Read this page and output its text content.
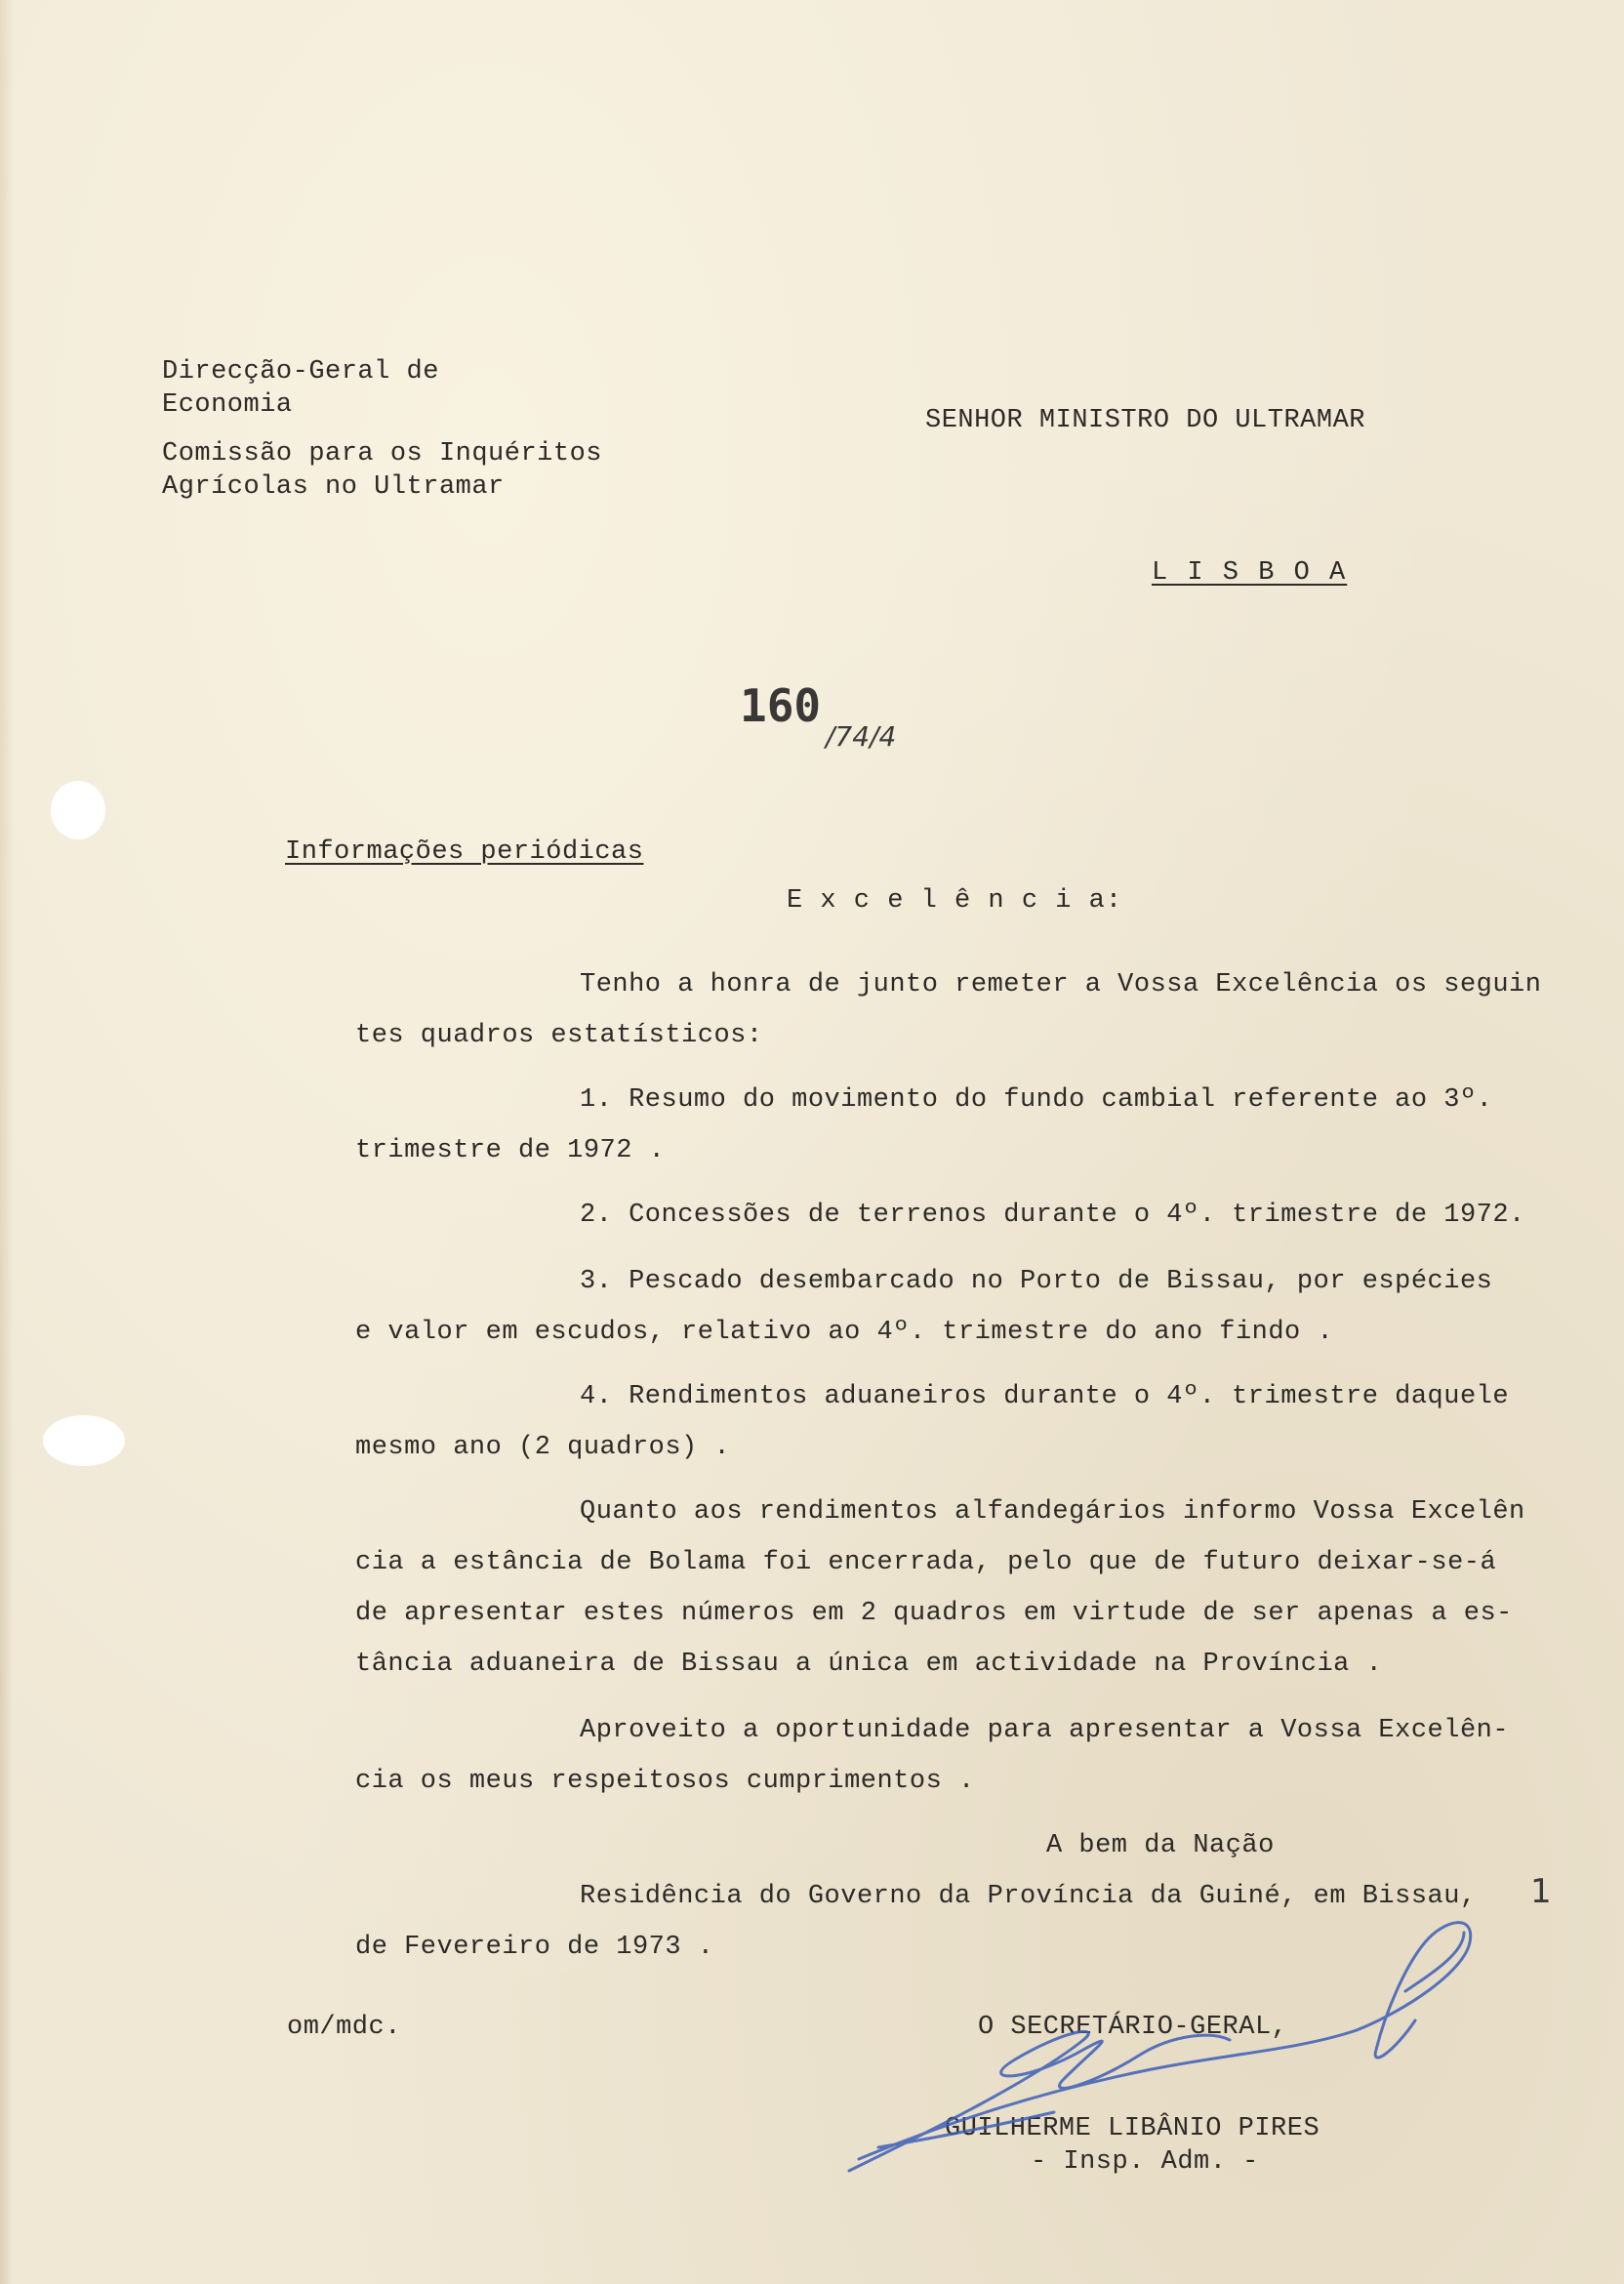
Direcção-Geral de
Economia
Comissão para os Inquéritos
Agrícolas no Ultramar
SENHOR MINISTRO DO ULTRAMAR
L I S B O A
160
/74/4
Informações periódicas
E x c e l ê n c i a:
Tenho a honra de junto remeter a Vossa Excelência os seguin
tes quadros estatísticos:
1. Resumo do movimento do fundo cambial referente ao 3º.
trimestre de 1972 .
2. Concessões de terrenos durante o 4º. trimestre de 1972.
3. Pescado desembarcado no Porto de Bissau, por espécies
e valor em escudos, relativo ao 4º. trimestre do ano findo .
4. Rendimentos aduaneiros durante o 4º. trimestre daquele
mesmo ano (2 quadros) .
Quanto aos rendimentos alfandegários informo Vossa Excelên
cia a estância de Bolama foi encerrada, pelo que de futuro deixar-se-á
de apresentar estes números em 2 quadros em virtude de ser apenas a es-
tância aduaneira de Bissau a única em actividade na Província .
Aproveito a oportunidade para apresentar a Vossa Excelên-
cia os meus respeitosos cumprimentos .
A bem da Nação
Residência do Governo da Província da Guiné, em Bissau, 1
de Fevereiro de 1973 .
om/mdc.	O SECRETÁRIO-GERAL,
GUILHERME LIBÂNIO PIRES
- Insp. Adm. -
